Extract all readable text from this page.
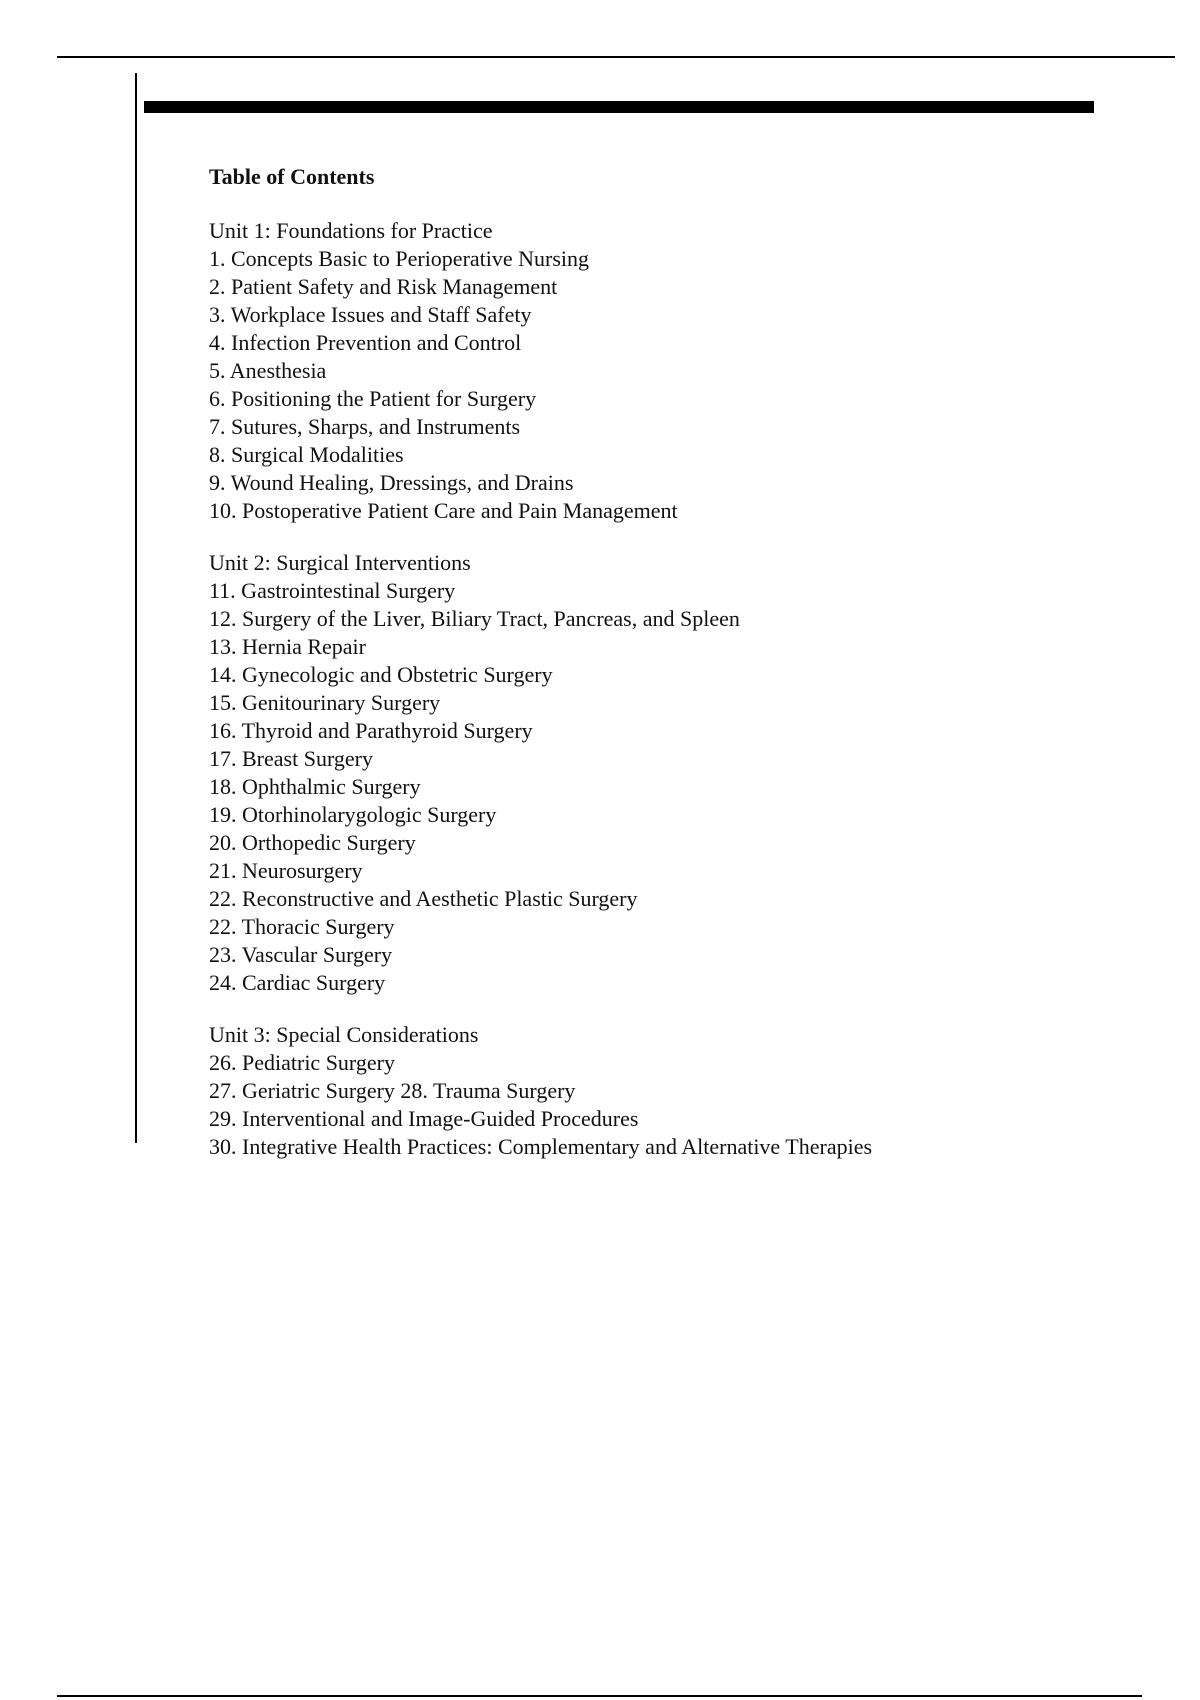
Table of Contents
Unit 1: Foundations for Practice
1. Concepts Basic to Perioperative Nursing
2. Patient Safety and Risk Management
3. Workplace Issues and Staff Safety
4. Infection Prevention and Control
5. Anesthesia
6. Positioning the Patient for Surgery
7. Sutures, Sharps, and Instruments
8. Surgical Modalities
9. Wound Healing, Dressings, and Drains
10. Postoperative Patient Care and Pain Management
Unit 2: Surgical Interventions
11. Gastrointestinal Surgery
12. Surgery of the Liver, Biliary Tract, Pancreas, and Spleen
13. Hernia Repair
14. Gynecologic and Obstetric Surgery
15. Genitourinary Surgery
16. Thyroid and Parathyroid Surgery
17. Breast Surgery
18. Ophthalmic Surgery
19. Otorhinolarygologic Surgery
20. Orthopedic Surgery
21. Neurosurgery
22. Reconstructive and Aesthetic Plastic Surgery
22. Thoracic Surgery
23. Vascular Surgery
24. Cardiac Surgery
Unit 3: Special Considerations
26. Pediatric Surgery
27. Geriatric Surgery 28. Trauma Surgery
29. Interventional and Image-Guided Procedures
30. Integrative Health Practices: Complementary and Alternative Therapies
